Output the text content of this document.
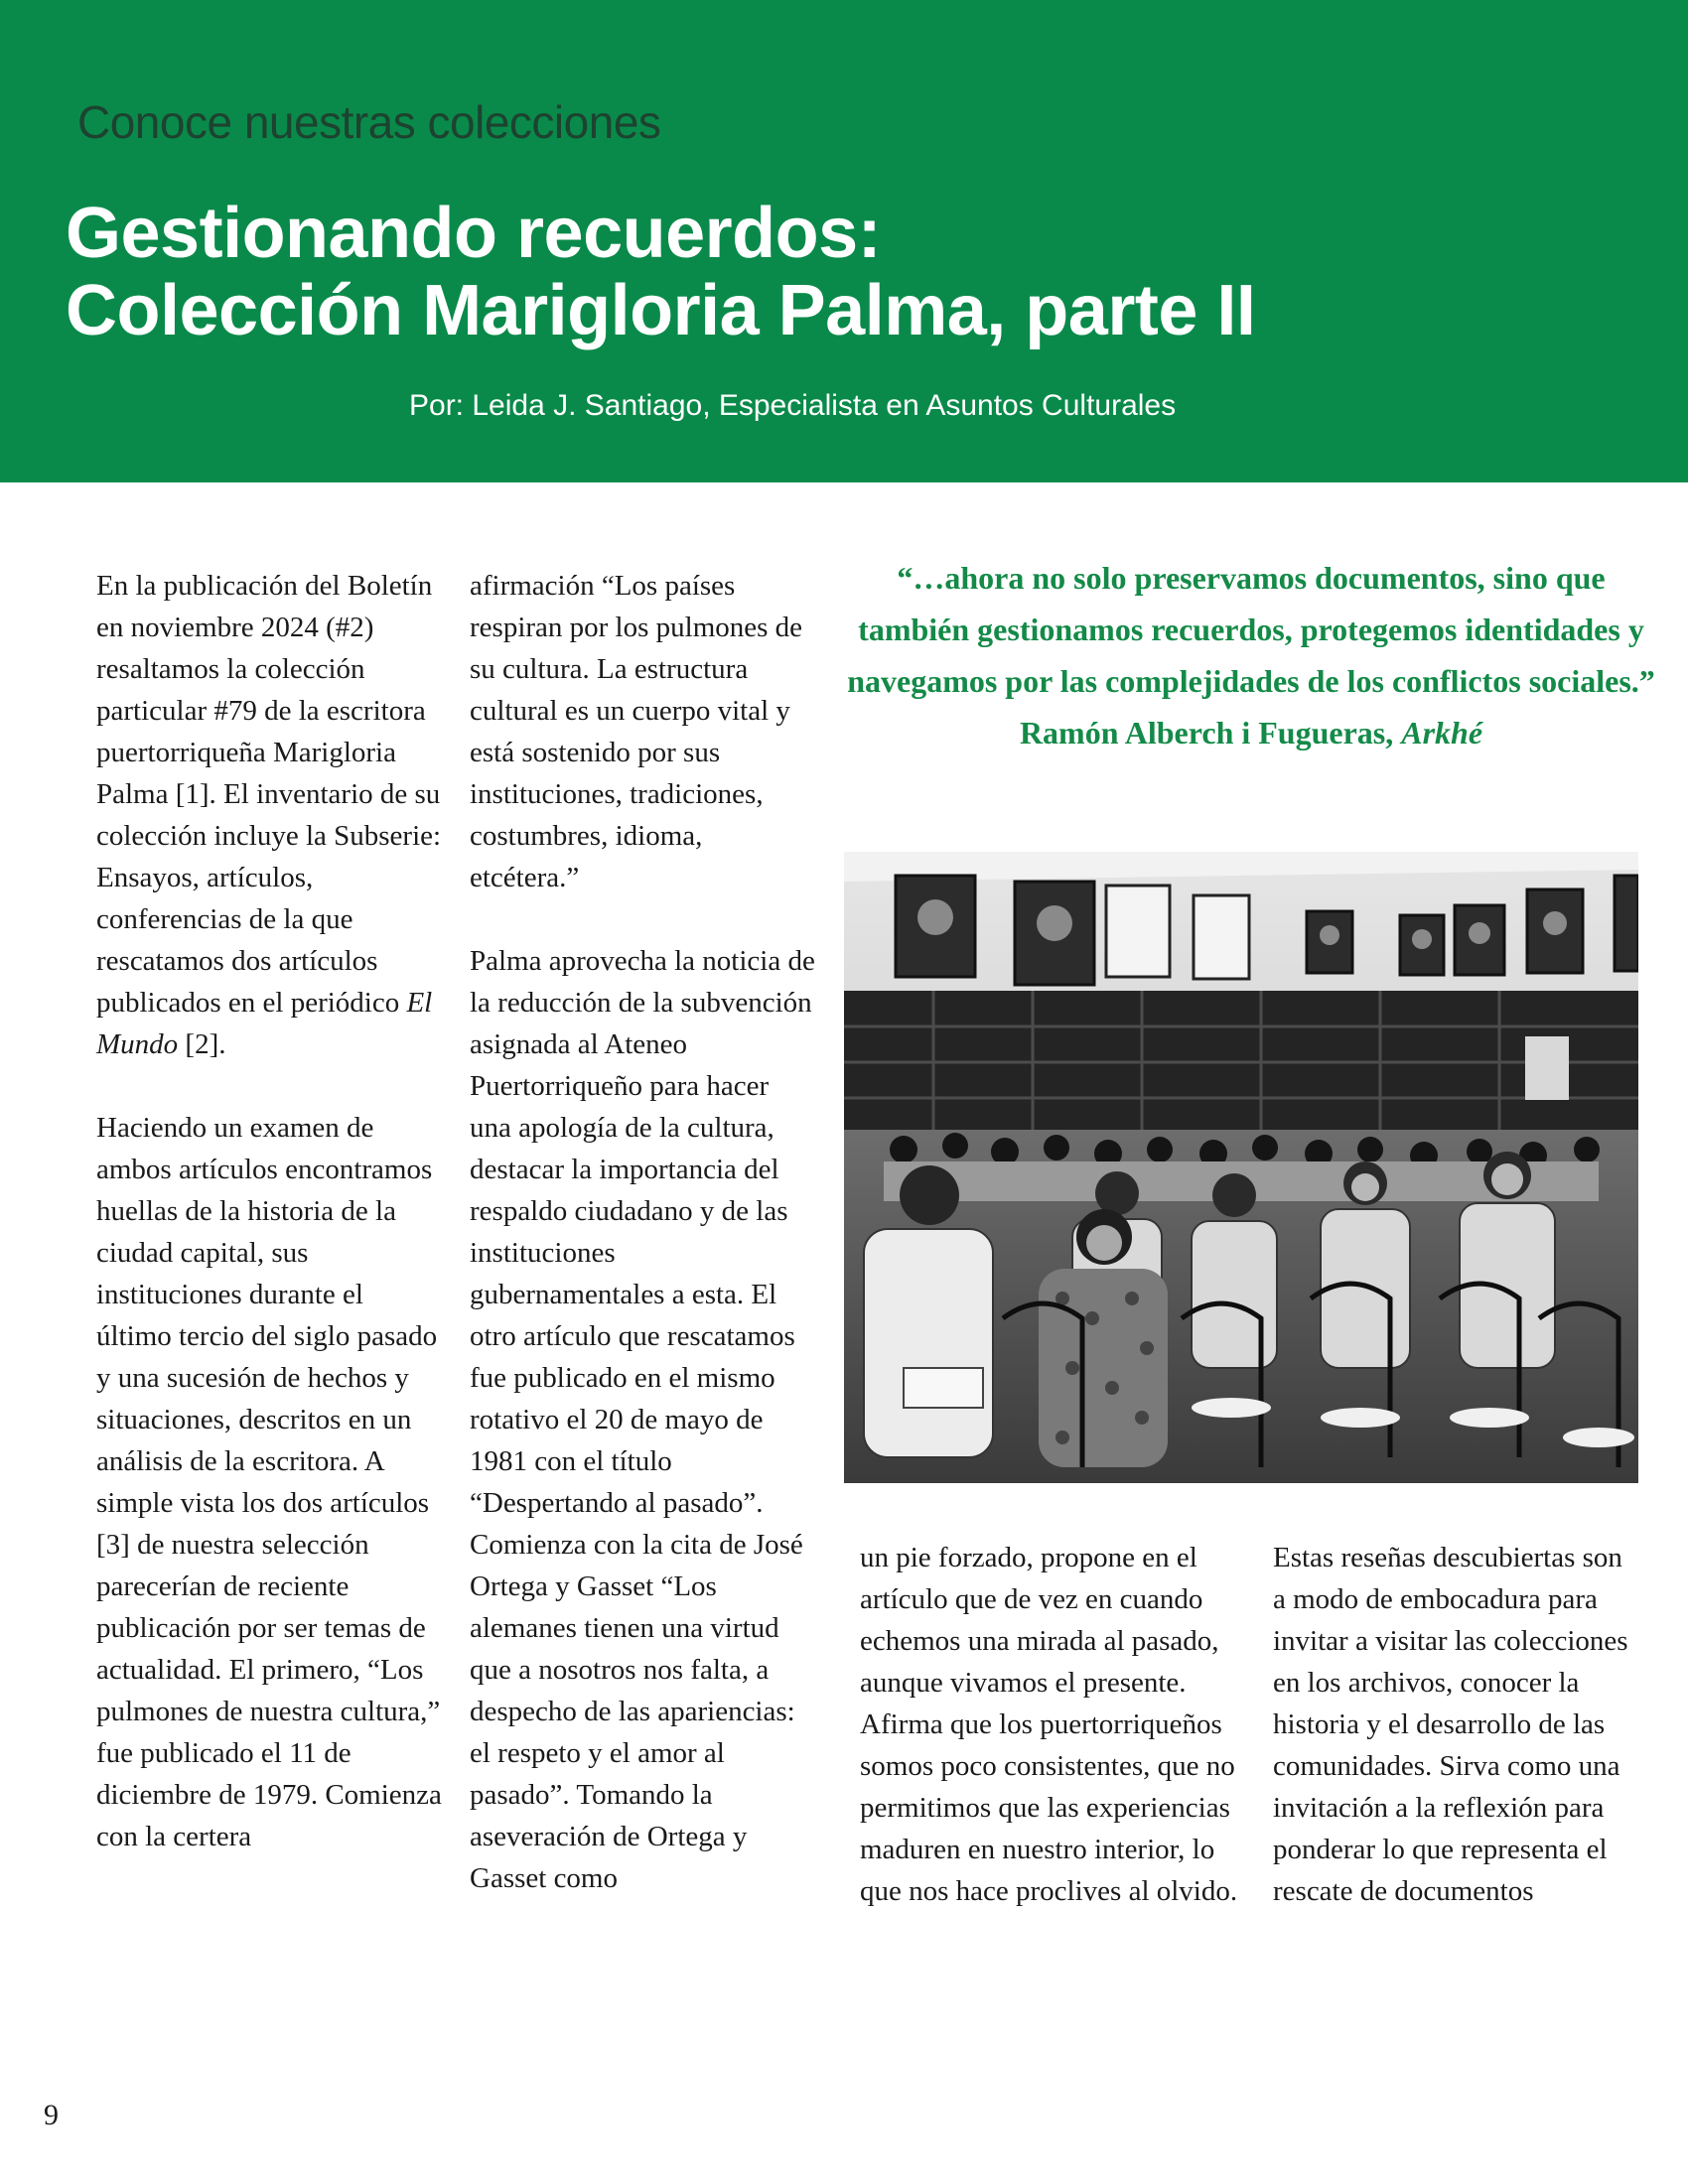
Conoce nuestras colecciones
Gestionando recuerdos:
Colección Marigloria Palma, parte II
Por: Leida J. Santiago, Especialista en Asuntos Culturales

En la publicación del Boletín en noviembre 2024 (#2) resaltamos la colección particular #79 de la escritora puertorriqueña Marigloria Palma [1]. El inventario de su colección incluye la Subserie: Ensayos, artículos, conferencias de la que rescatamos dos artículos publicados en el periódico El Mundo [2].

Haciendo un examen de ambos artículos encontramos huellas de la historia de la ciudad capital, sus instituciones durante el último tercio del siglo pasado y una sucesión de hechos y situaciones, descritos en un análisis de la escritora. A simple vista los dos artículos [3] de nuestra selección parecerían de reciente publicación por ser temas de actualidad. El primero, “Los pulmones de nuestra cultura,” fue publicado el 11 de diciembre de 1979. Comienza con la certera

afirmación “Los países respiran por los pulmones de su cultura. La estructura cultural es un cuerpo vital y está sostenido por sus instituciones, tradiciones, costumbres, idioma, etcétera.”

Palma aprovecha la noticia de la reducción de la subvención asignada al Ateneo Puertorriqueño para hacer una apología de la cultura, destacar la importancia del respaldo ciudadano y de las instituciones gubernamentales a esta. El otro artículo que rescatamos fue publicado en el mismo rotativo el 20 de mayo de 1981 con el título “Despertando al pasado”. Comienza con la cita de José Ortega y Gasset “Los alemanes tienen una virtud que a nosotros nos falta, a despecho de las apariencias: el respeto y el amor al pasado”. Tomando la aseveración de Ortega y Gasset como

“…ahora no solo preservamos documentos, sino que también gestionamos recuerdos, protegemos identidades y navegamos por las complejidades de los conflictos sociales.”

Ramón Alberch i Fugueras, Arkhé

un pie forzado, propone en el artículo que de vez en cuando echemos una mirada al pasado, aunque vivamos el presente. Afirma que los puertorriqueños somos poco consistentes, que no permitimos que las experiencias maduren en nuestro interior, lo que nos hace proclives al olvido.

Estas reseñas descubiertas son a modo de embocadura para invitar a visitar las colecciones en los archivos, conocer la historia y el desarrollo de las comunidades. Sirva como una invitación a la reflexión para ponderar lo que representa el rescate de documentos

9
